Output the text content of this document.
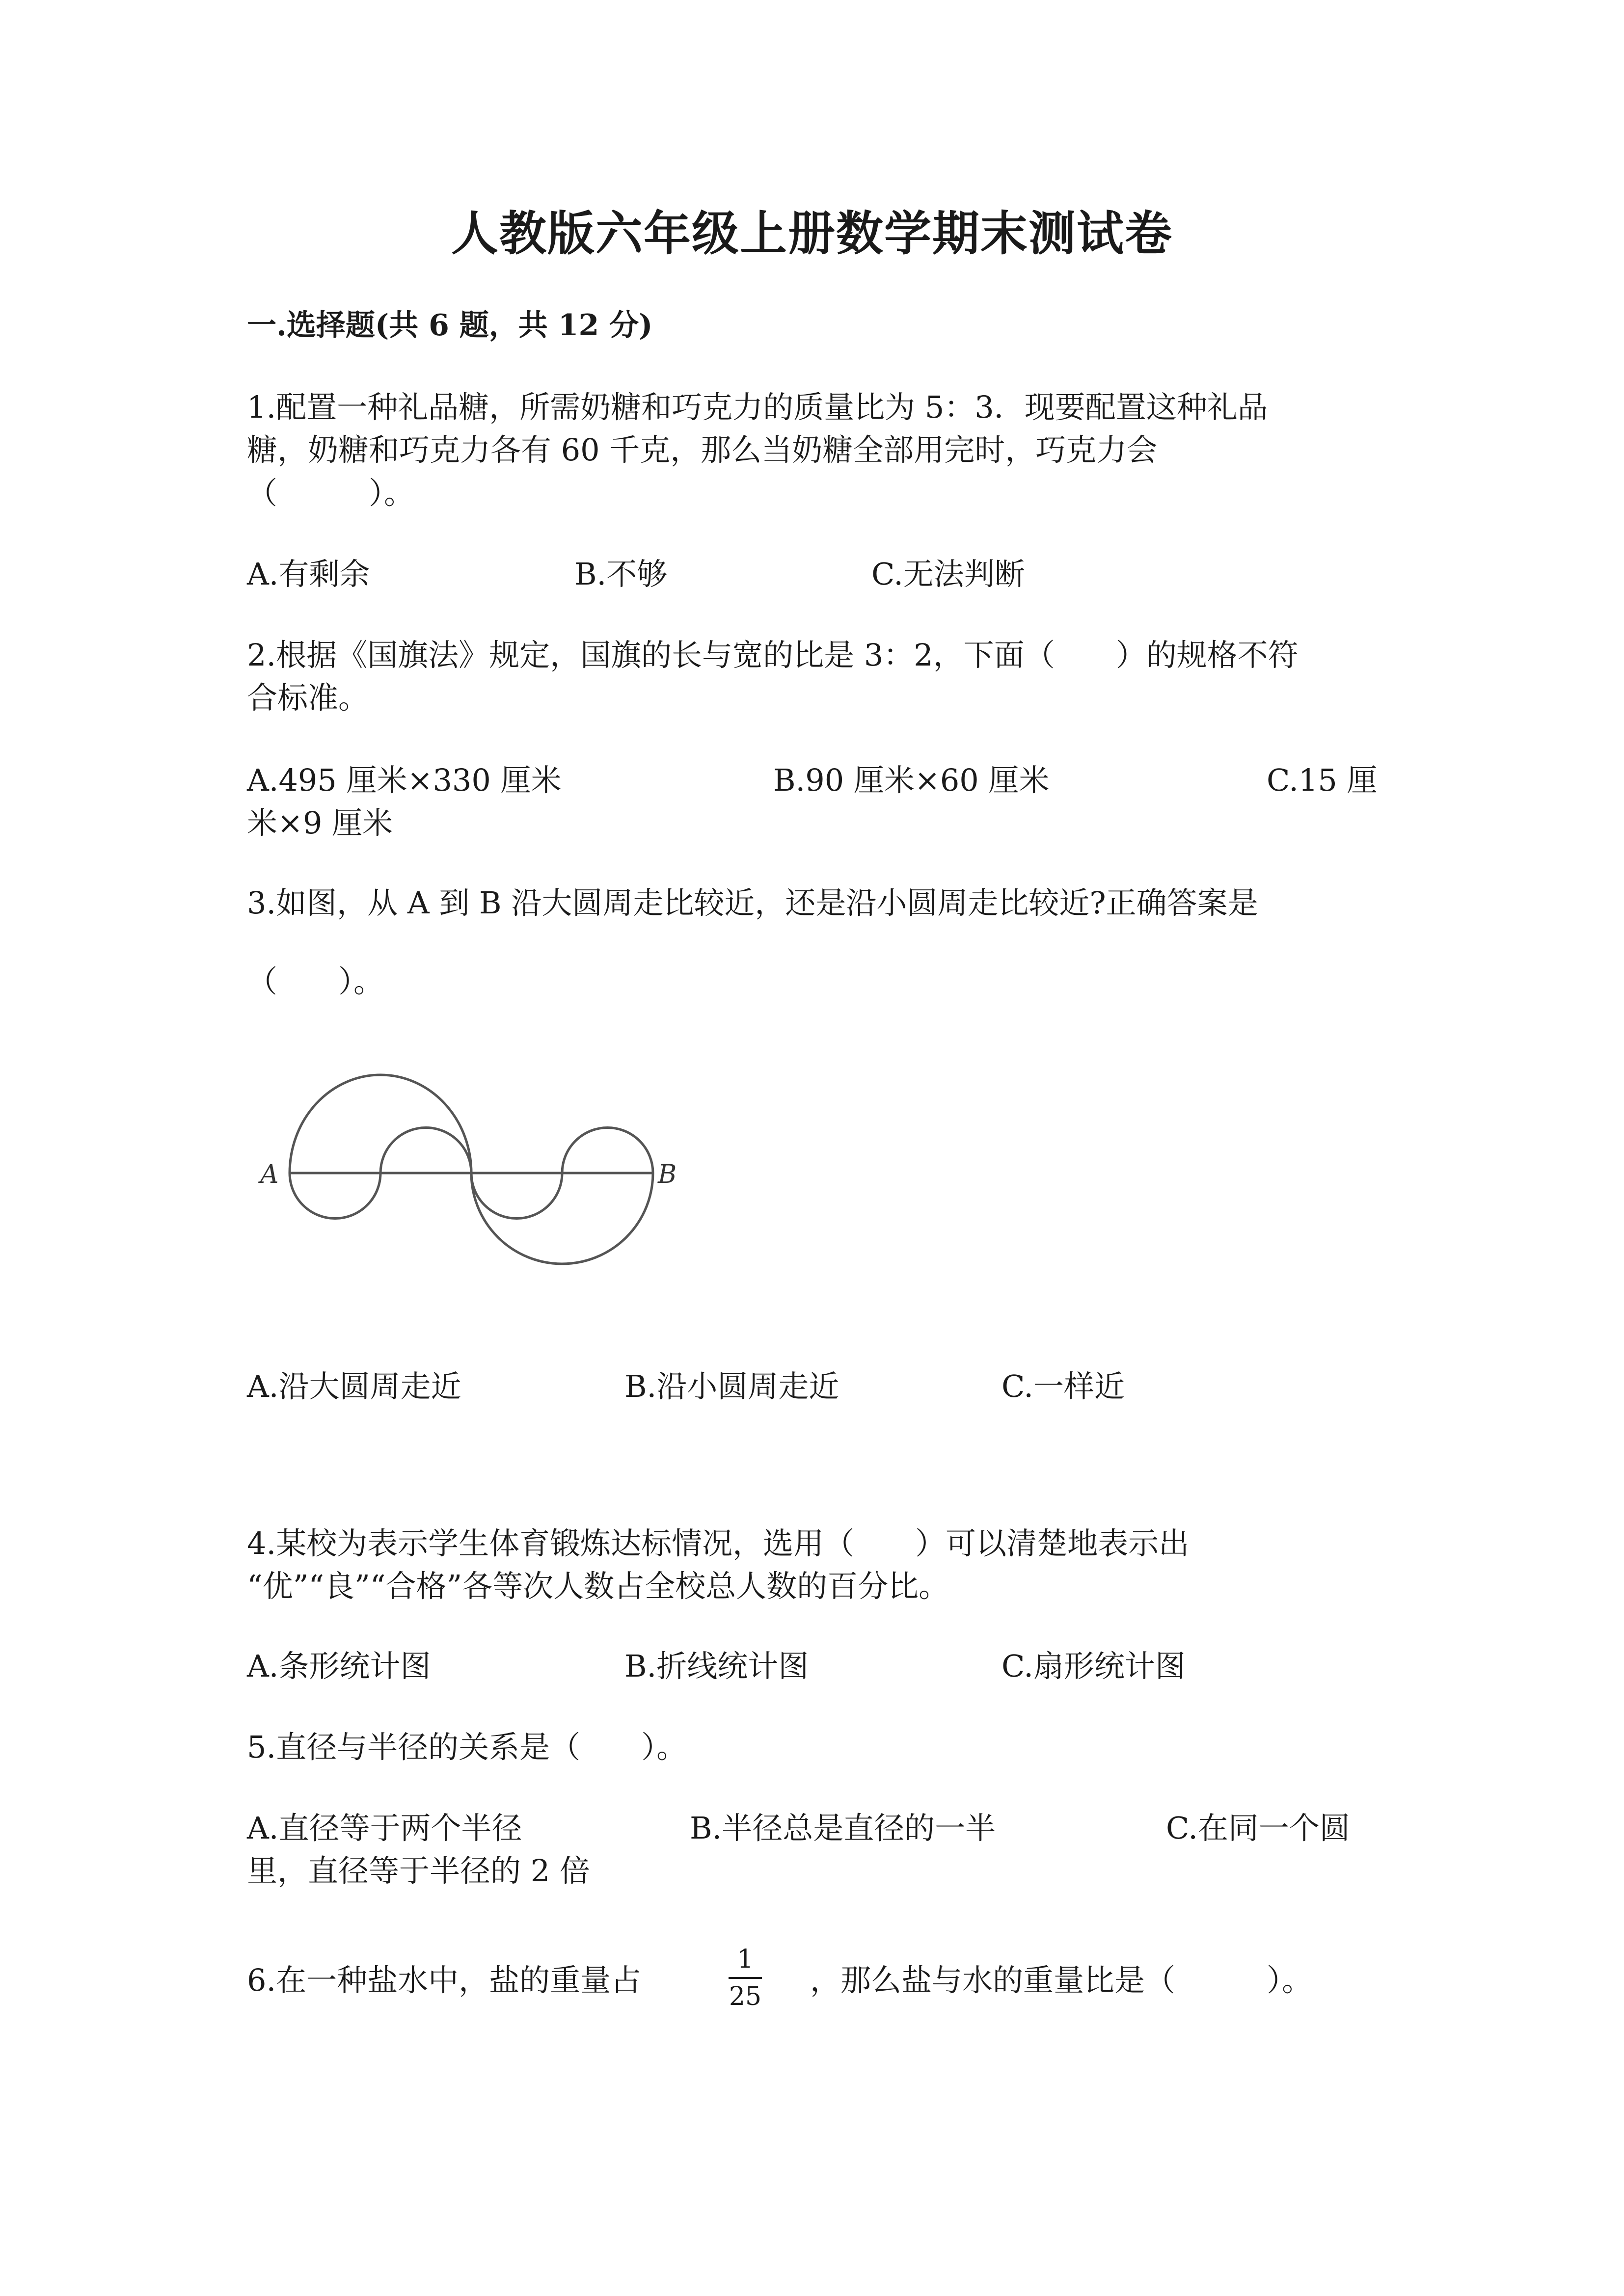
人教版六年级上册数学期末测试卷
一.选择题(共 6 题，共 12 分)
1.配置一种礼品糖，所需奶糖和巧克力的质量比为 5：3．现要配置这种礼品
糖，奶糖和巧克力各有 60 千克，那么当奶糖全部用完时，巧克力会
（　　　）。
A.有剩余	B.不够	C.无法判断
2.根据《国旗法》规定，国旗的长与宽的比是 3：2，下面（　　）的规格不符
合标准。
A.495 厘米×330 厘米	B.90 厘米×60 厘米	C.15 厘
米×9 厘米
3.如图，从 A 到 B 沿大圆周走比较近，还是沿小圆周走比较近?正确答案是
（　　）。
A	B
A.沿大圆周走近	B.沿小圆周走近	C.一样近
4.某校为表示学生体育锻炼达标情况，选用（　　）可以清楚地表示出
“优”“良”“合格”各等次人数占全校总人数的百分比。
A.条形统计图	B.折线统计图	C.扇形统计图
5.直径与半径的关系是（　　）。
A.直径等于两个半径	B.半径总是直径的一半	C.在同一个圆
里，直径等于半径的 2 倍
6.在一种盐水中，盐的重量占
1
25 ，那么盐与水的重量比是（　　　）。
